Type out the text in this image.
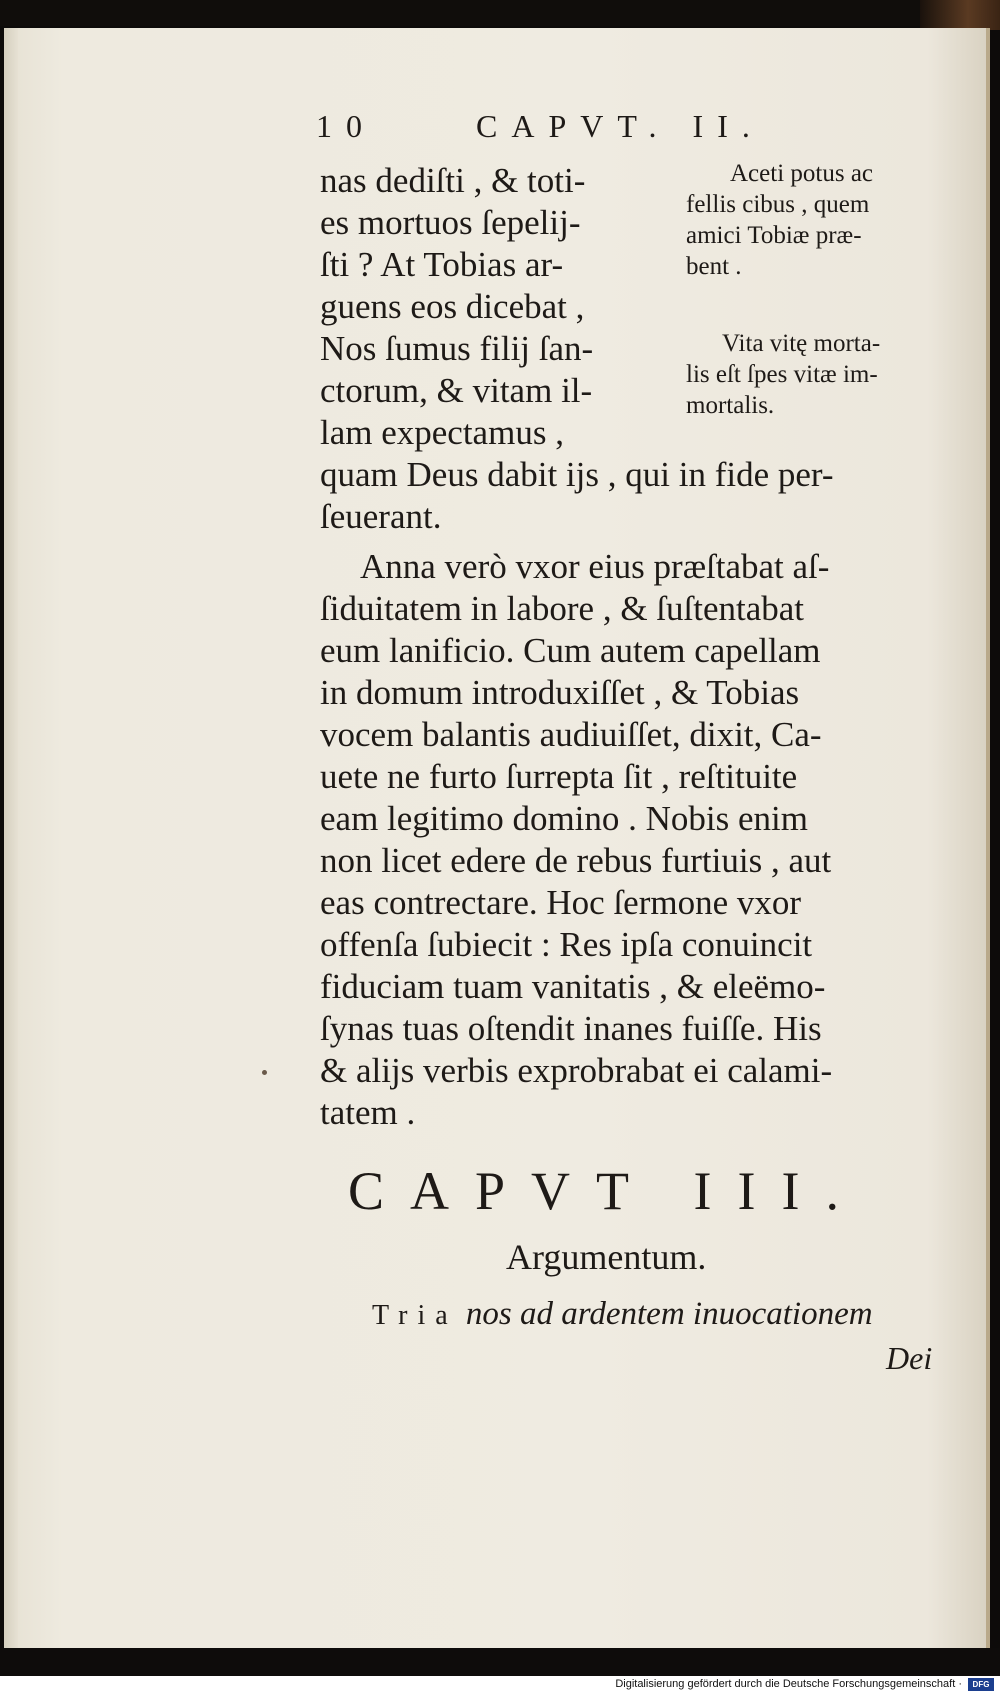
10	CAPVT. II.
nas dediſti , & toti-
es mortuos ſepelij-
ſti ? At Tobias ar-
guens eos dicebat ,
Nos ſumus filij ſan-
ctorum, & vitam il-
lam expectamus ,
quam Deus dabit ijs , qui in fide per-
ſeuerant.
Anna verò vxor eius præſtabat aſ-
ſiduitatem in labore , & ſuſtentabat
eum lanificio. Cum autem capellam
in domum introduxiſſet , & Tobias
vocem balantis audiuiſſet, dixit, Ca-
uete ne furto ſurrepta ſit , reſtituite
eam legitimo domino . Nobis enim
non licet edere de rebus furtiuis , aut
eas contrectare. Hoc ſermone vxor
offenſa ſubiecit : Res ipſa conuincit
fiduciam tuam vanitatis , & eleëmo-
ſynas tuas oſtendit inanes fuiſſe. His
& alijs verbis exprobrabat ei calami-
tatem .
Aceti potus ac
fellis cibus , quem
amici Tobiæ præ-
bent .
Vita vitę morta-
lis eſt ſpes vitæ im-
mortalis.
CAPVT III.
Argumentum.
Tria nos ad ardentem inuocationem
Dei
Digitalisierung gefördert durch die Deutsche Forschungsgemeinschaft ·	DFG
